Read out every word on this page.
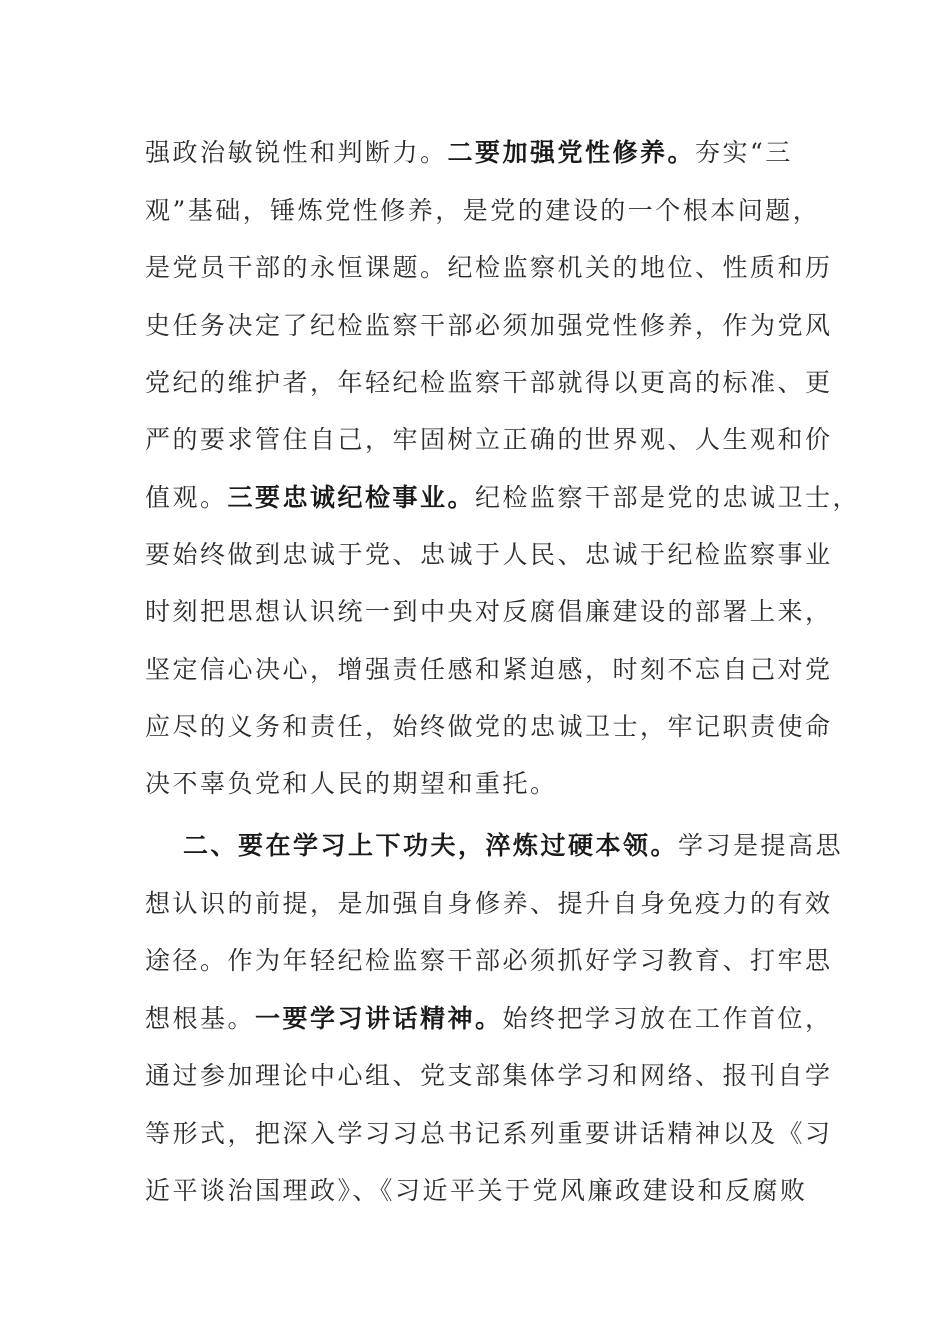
强政治敏锐性和判断力。二要加强党性修养。夯实“三
观”基础，锤炼党性修养，是党的建设的一个根本问题，
是党员干部的永恒课题。纪检监察机关的地位、性质和历
史任务决定了纪检监察干部必须加强党性修养，作为党风
党纪的维护者，年轻纪检监察干部就得以更高的标准、更
严的要求管住自己，牢固树立正确的世界观、人生观和价
值观。三要忠诚纪检事业。纪检监察干部是党的忠诚卫士，
要始终做到忠诚于党、忠诚于人民、忠诚于纪检监察事业
时刻把思想认识统一到中央对反腐倡廉建设的部署上来，
坚定信心决心，增强责任感和紧迫感，时刻不忘自己对党
应尽的义务和责任，始终做党的忠诚卫士，牢记职责使命
决不辜负党和人民的期望和重托。
二、要在学习上下功夫，淬炼过硬本领。学习是提高思
想认识的前提，是加强自身修养、提升自身免疫力的有效
途径。作为年轻纪检监察干部必须抓好学习教育、打牢思
想根基。一要学习讲话精神。始终把学习放在工作首位，
通过参加理论中心组、党支部集体学习和网络、报刊自学
等形式，把深入学习习总书记系列重要讲话精神以及《习
近平谈治国理政》、《习近平关于党风廉政建设和反腐败
